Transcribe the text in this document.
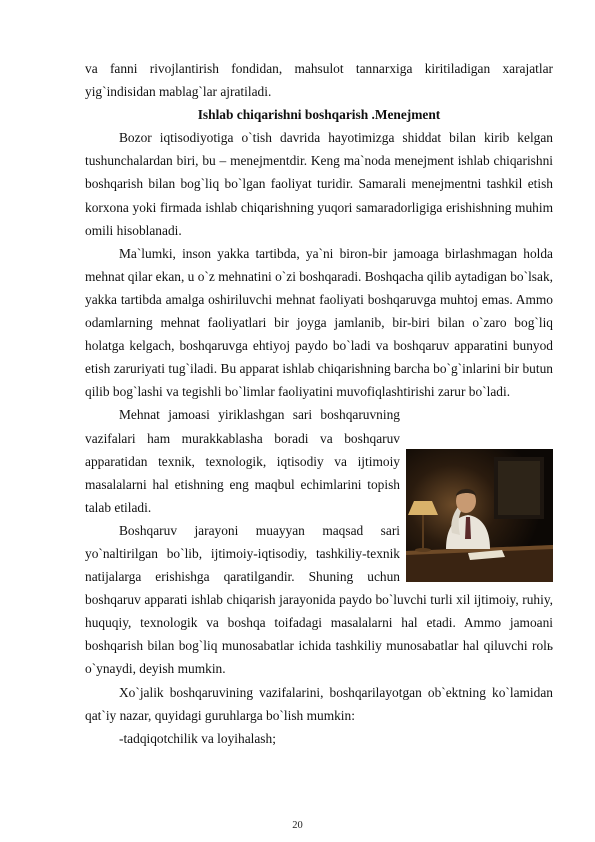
va fanni rivojlantirish fondidan, mahsulot tannarxiga kiritiladigan xarajatlar yig`indisidan mablag`lar ajratiladi.

Ishlab chiqarishni boshqarish .Menejment

Bozor iqtisodiyotiga o`tish davrida hayotimizga shiddat bilan kirib kelgan tushunchalardan biri, bu – menejmentdir. Keng ma`noda menejment ishlab chiqarishni boshqarish bilan bog`liq bo`lgan faoliyat turidir. Samarali menejmentni tashkil etish korxona yoki firmada ishlab chiqarishning yuqori samaradorligiga erishishning muhim omili hisoblanadi.

Ma`lumki, inson yakka tartibda, ya`ni biron-bir jamoaga birlashmagan holda mehnat qilar ekan, u o`z mehnatini o`zi boshqaradi. Boshqacha qilib aytadigan bo`lsak, yakka tartibda amalga oshiriluvchi mehnat faoliyati boshqaruvga muhtoj emas. Ammo odamlarning mehnat faoliyatlari bir joyga jamlanib, bir-biri bilan o`zaro bog`liq holatga kelgach, boshqaruvga ehtiyoj paydo bo`ladi va boshqaruv apparatini bunyod etish zaruriyati tug`iladi. Bu apparat ishlab chiqarishning barcha bo`g`inlarini bir butun qilib bog`lashi va tegishli bo`limlar faoliyatini muvofiqlashtirishi zarur bo`ladi.

Mehnat jamoasi yiriklashgan sari boshqaruvning vazifalari ham murakkablasha boradi va boshqaruv apparatidan texnik, texnologik, iqtisodiy va ijtimoiy masalalarni hal etishning eng maqbul echimlarini topish talab etiladi.

Boshqaruv jarayoni muayyan maqsad sari yo`naltirilgan bo`lib, ijtimoiy-iqtisodiy, tashkiliy-texnik natijalarga erishishga qaratilgandir. Shuning uchun boshqaruv apparati ishlab chiqarish jarayonida paydo bo`luvchi turli xil ijtimoiy, ruhiy, huquqiy, texnologik va boshqa toifadagi masalalarni hal etadi. Ammo jamoani boshqarish bilan bog`liq munosabatlar ichida tashkiliy munosabatlar hal qiluvchi rolь o`ynaydi, deyish mumkin.

Xo`jalik boshqaruvining vazifalarini, boshqarilayotgan ob`ektning ko`lamidan qat`iy nazar, quyidagi guruhlarga bo`lish mumkin:

-tadqiqotchilik va loyihalash;

20
